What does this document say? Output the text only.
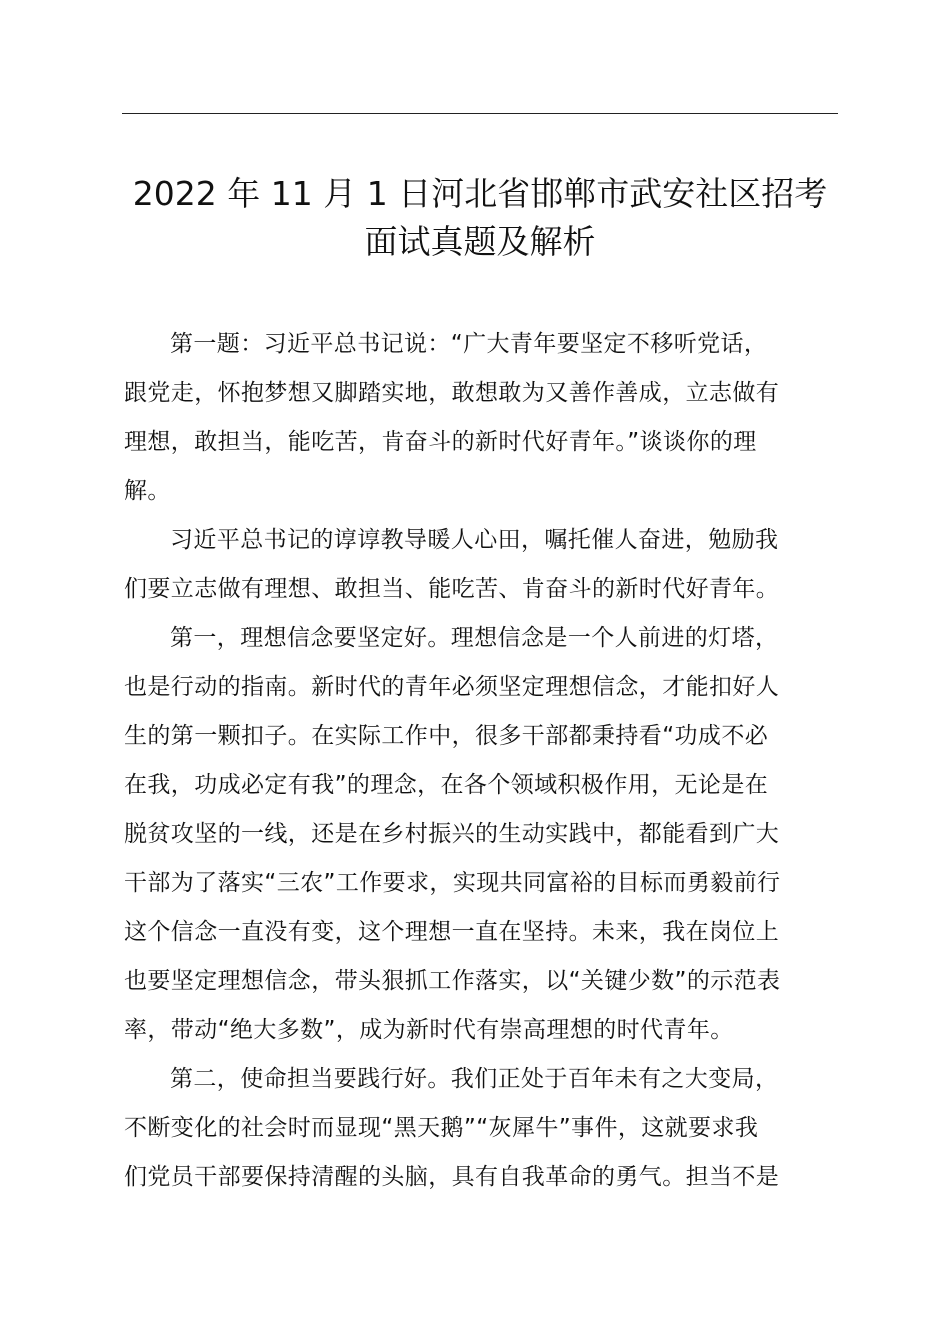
2022 年 11 月 1 日河北省邯郸市武安社区招考
面试真题及解析

第一题：习近平总书记说：“广大青年要坚定不移听党话，
跟党走，怀抱梦想又脚踏实地，敢想敢为又善作善成，立志做有
理想，敢担当，能吃苦，肯奋斗的新时代好青年。”谈谈你的理
解。

习近平总书记的谆谆教导暖人心田，嘱托催人奋进，勉励我
们要立志做有理想、敢担当、能吃苦、肯奋斗的新时代好青年。

第一，理想信念要坚定好。理想信念是一个人前进的灯塔，
也是行动的指南。新时代的青年必须坚定理想信念，才能扣好人
生的第一颗扣子。在实际工作中，很多干部都秉持看“功成不必
在我，功成必定有我”的理念，在各个领域积极作用，无论是在
脱贫攻坚的一线，还是在乡村振兴的生动实践中，都能看到广大
干部为了落实“三农”工作要求，实现共同富裕的目标而勇毅前行
这个信念一直没有变，这个理想一直在坚持。未来，我在岗位上
也要坚定理想信念，带头狠抓工作落实，以“关键少数”的示范表
率，带动“绝大多数”，成为新时代有崇高理想的时代青年。

第二，使命担当要践行好。我们正处于百年未有之大变局，
不断变化的社会时而显现“黑天鹅”“灰犀牛”事件，这就要求我
们党员干部要保持清醒的头脑，具有自我革命的勇气。担当不是
